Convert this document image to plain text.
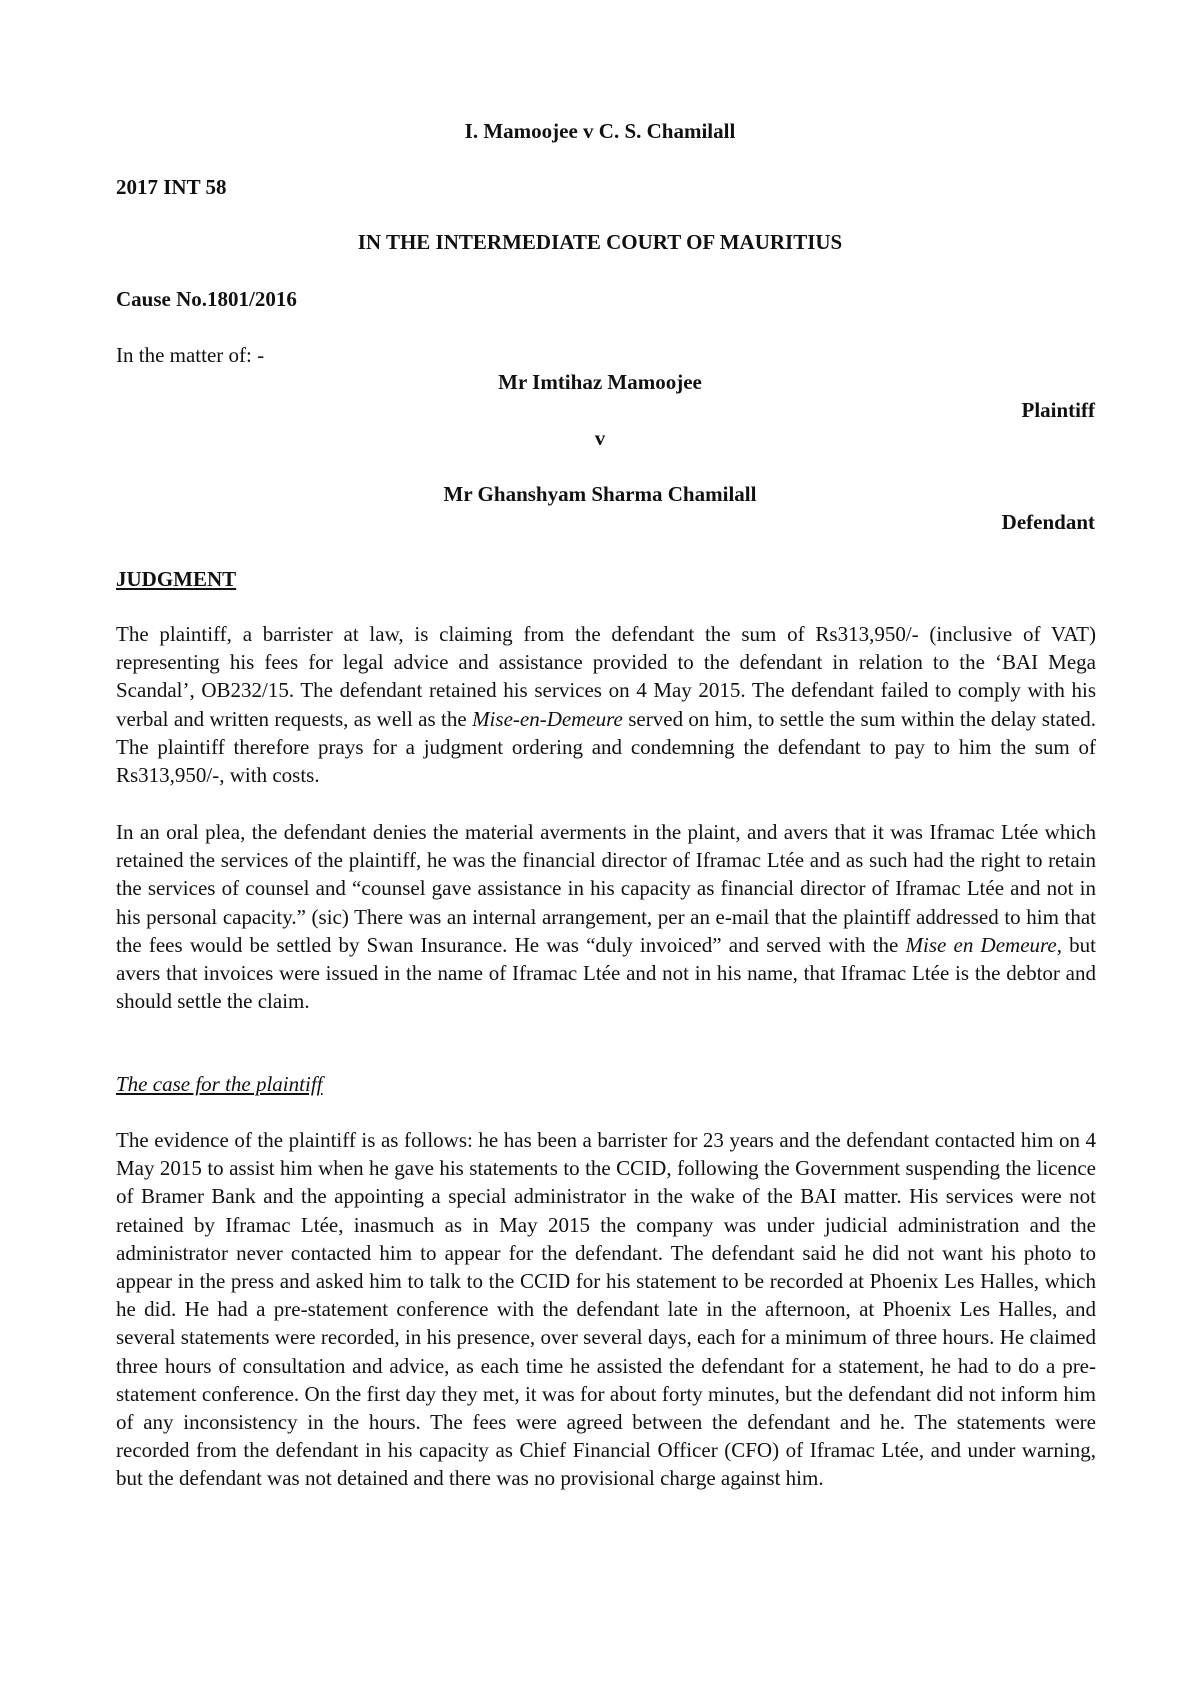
I. Mamoojee v C. S. Chamilall
2017 INT 58
IN THE INTERMEDIATE COURT OF MAURITIUS
Cause No.1801/2016
In the matter of: -
Mr Imtihaz Mamoojee
Plaintiff
v
Mr Ghanshyam Sharma Chamilall
Defendant
JUDGMENT

The plaintiff, a barrister at law, is claiming from the defendant the sum of Rs313,950/- (inclusive of VAT) representing his fees for legal advice and assistance provided to the defendant in relation to the ‘BAI Mega Scandal’, OB232/15. The defendant retained his services on 4 May 2015. The defendant failed to comply with his verbal and written requests, as well as the Mise-en-Demeure served on him, to settle the sum within the delay stated. The plaintiff therefore prays for a judgment ordering and condemning the defendant to pay to him the sum of Rs313,950/-, with costs.

In an oral plea, the defendant denies the material averments in the plaint, and avers that it was Iframac Ltée which retained the services of the plaintiff, he was the financial director of Iframac Ltée and as such had the right to retain the services of counsel and “counsel gave assistance in his capacity as financial director of Iframac Ltée and not in his personal capacity.” (sic) There was an internal arrangement, per an e-mail that the plaintiff addressed to him that the fees would be settled by Swan Insurance. He was “duly invoiced” and served with the Mise en Demeure, but avers that invoices were issued in the name of Iframac Ltée and not in his name, that Iframac Ltée is the debtor and should settle the claim.

The case for the plaintiff

The evidence of the plaintiff is as follows: he has been a barrister for 23 years and the defendant contacted him on 4 May 2015 to assist him when he gave his statements to the CCID, following the Government suspending the licence of Bramer Bank and the appointing a special administrator in the wake of the BAI matter. His services were not retained by Iframac Ltée, inasmuch as in May 2015 the company was under judicial administration and the administrator never contacted him to appear for the defendant. The defendant said he did not want his photo to appear in the press and asked him to talk to the CCID for his statement to be recorded at Phoenix Les Halles, which he did. He had a pre-statement conference with the defendant late in the afternoon, at Phoenix Les Halles, and several statements were recorded, in his presence, over several days, each for a minimum of three hours. He claimed three hours of consultation and advice, as each time he assisted the defendant for a statement, he had to do a pre-statement conference. On the first day they met, it was for about forty minutes, but the defendant did not inform him of any inconsistency in the hours. The fees were agreed between the defendant and he. The statements were recorded from the defendant in his capacity as Chief Financial Officer (CFO) of Iframac Ltée, and under warning, but the defendant was not detained and there was no provisional charge against him.
